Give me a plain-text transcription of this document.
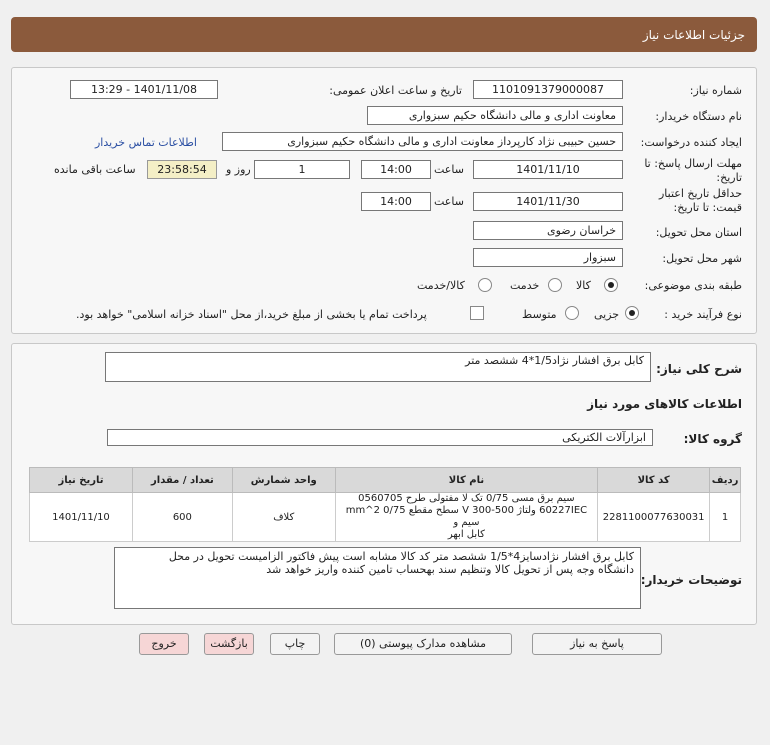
جزئيات اطلاعات نياز
شماره نياز:
1101091379000087
تاريخ و ساعت اعلان عمومی:
1401/11/08 - 13:29
نام دستگاه خريدار:
معاونت اداری و مالی دانشگاه حکیم سبزواری
ايجاد کننده درخواست:
حسین حبیبی نژاد کارپرداز معاونت اداری و مالی دانشگاه حکیم سبزواری
اطلاعات تماس خريدار
مهلت ارسال پاسخ: تا
تاريخ:
1401/11/10
ساعت
14:00
1
روز و
23:58:54
ساعت باقی مانده
حداقل تاريخ اعتبار
قيمت: تا تاريخ:
1401/11/30
ساعت
14:00
استان محل تحويل:
خراسان رضوی
شهر محل تحويل:
سبزوار
طبقه بندی موضوعی:
کالا
خدمت
کالا/خدمت
نوع فرآيند خريد :
جزيی
متوسط
پرداخت تمام يا بخشی از مبلغ خريد،از محل "اسناد خزانه اسلامی" خواهد بود.
شرح کلی نياز:
کابل برق افشار نژاد1/5*4 ششصد متر
اطلاعات کالاهای مورد نياز
گروه کالا:
ابزارآلات الکتريکی
رديف	کد کالا	نام کالا	واحد شمارش	تعداد / مقدار	تاريخ نياز
1	2281100077630031	سيم برق مسی 0/75 تک لا مفتولی طرح 0560705
60227IEC ولتاژ 500-300 V سطح مقطع 0/75 mm^2 سيم و
کابل ابهر	کلاف	600	1401/11/10
توضيحات خريدار:
کابل برق افشار نژادسایز4*1/5 ششصد متر کد کالا مشابه است پیش فاکتور الزامیست تحویل در محل
دانشگاه وجه پس از تحویل کالا وتنظیم سند بهحساب تامین کننده واریز خواهد شد
پاسخ به نياز
مشاهده مدارک پيوستی (0)
چاپ
بازگشت
خروج
